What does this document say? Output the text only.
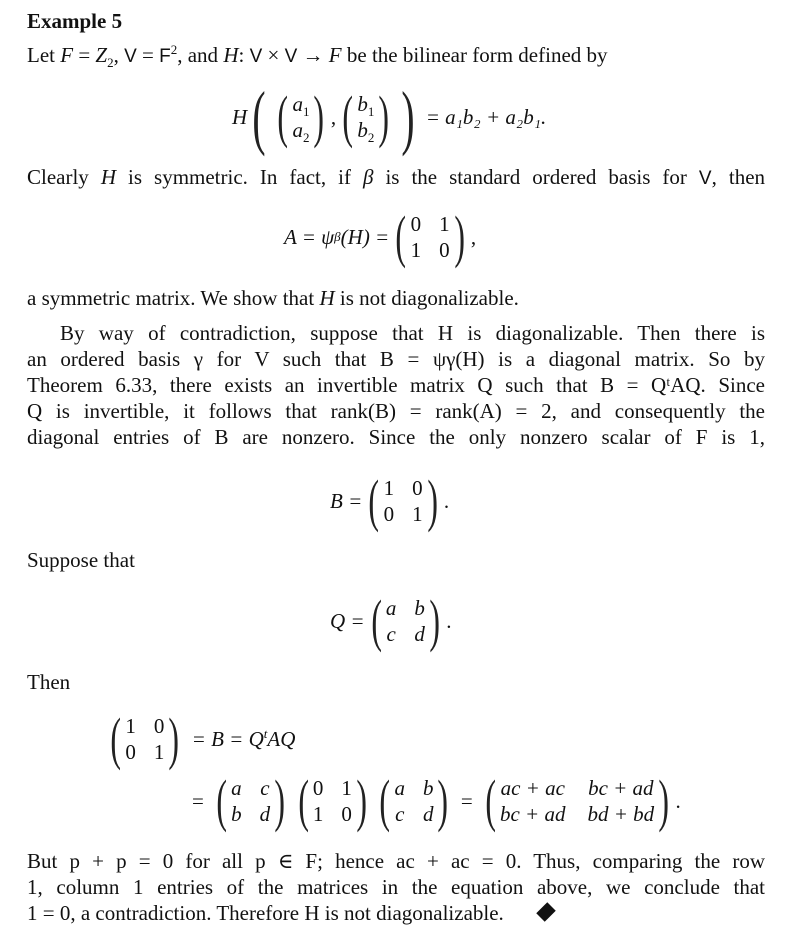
Example 5
Let $F = Z_2$, $V = F^2$, and H: V × V → F be the bilinear form defined by
H ( ( $a_1$
$a_2$ ) , ( $b_1$
$b_2$ ) ) = a₁b₂ + a₂b₁.
Clearly H is symmetric. In fact, if β is the standard ordered basis for V, then
A = ψ β (H) = ( 0 1
1 0 ) ,
a symmetric matrix. We show that H is not diagonalizable.
By way of contradiction, suppose that H is diagonalizable. Then there is
an ordered basis γ for V such that B = ψγ(H) is a diagonal matrix. So by
Theorem 6.33, there exists an invertible matrix Q such that B = QᵗAQ. Since
Q is invertible, it follows that rank(B) = rank(A) = 2, and consequently the
diagonal entries of B are nonzero. Since the only nonzero scalar of F is 1,
B = ( 1 0
0 1 ) .
Suppose that
Q = ( a b
c d ) .
Then
( 1 0
0 1 ) = $B = Q^tAQ$
= ( a c
b d ) ( 0 1
1 0 ) ( a b
c d ) = ( ac + ac bc + ad
bc + ad bd + bd ) .
But p + p = 0 for all p ∈ F; hence ac + ac = 0. Thus, comparing the row
1, column 1 entries of the matrices in the equation above, we conclude that
1 = 0, a contradiction. Therefore H is not diagonalizable.
